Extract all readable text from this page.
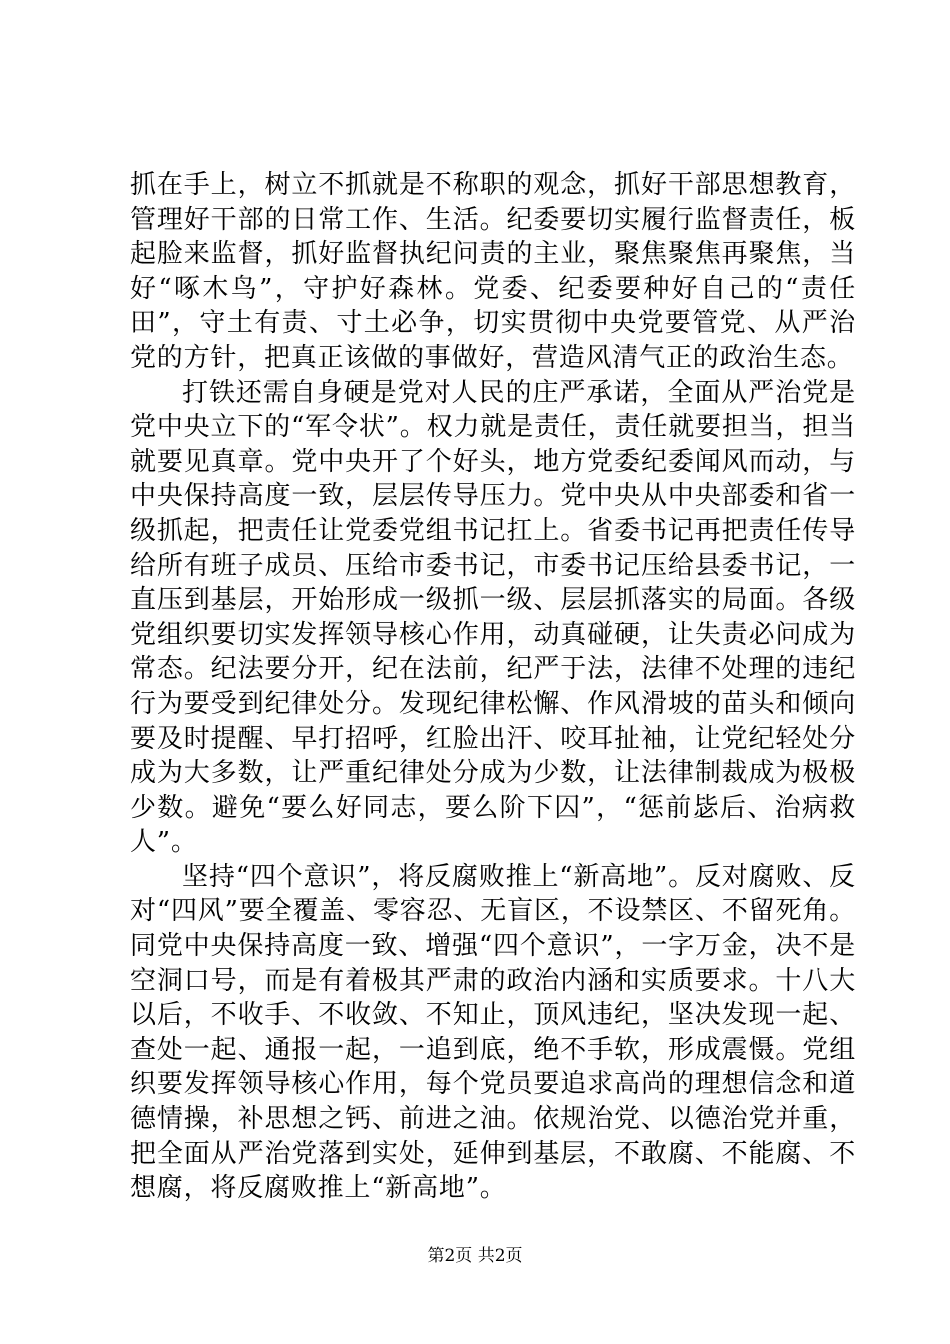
抓在手上，树立不抓就是不称职的观念，抓好干部思想教育，管理好干部的日常工作、生活。纪委要切实履行监督责任，板起脸来监督，抓好监督执纪问责的主业，聚焦聚焦再聚焦，当好“啄木鸟”，守护好森林。党委、纪委要种好自己的“责任田”，守土有责、寸土必争，切实贯彻中央党要管党、从严治党的方针，把真正该做的事做好，营造风清气正的政治生态。

打铁还需自身硬是党对人民的庄严承诺，全面从严治党是党中央立下的“军令状”。权力就是责任，责任就要担当，担当就要见真章。党中央开了个好头，地方党委纪委闻风而动，与中央保持高度一致，层层传导压力。党中央从中央部委和省一级抓起，把责任让党委党组书记扛上。省委书记再把责任传导给所有班子成员、压给市委书记，市委书记压给县委书记，一直压到基层，开始形成一级抓一级、层层抓落实的局面。各级党组织要切实发挥领导核心作用，动真碰硬，让失责必问成为常态。纪法要分开，纪在法前，纪严于法，法律不处理的违纪行为要受到纪律处分。发现纪律松懈、作风滑坡的苗头和倾向要及时提醒、早打招呼，红脸出汗、咬耳扯袖，让党纪轻处分成为大多数，让严重纪律处分成为少数，让法律制裁成为极极少数。避免“要么好同志，要么阶下囚”，“惩前毖后、治病救人”。

坚持“四个意识”，将反腐败推上“新高地”。反对腐败、反对“四风”要全覆盖、零容忍、无盲区，不设禁区、不留死角。同党中央保持高度一致、增强“四个意识”，一字万金，决不是空洞口号，而是有着极其严肃的政治内涵和实质要求。十八大以后，不收手、不收敛、不知止，顶风违纪，坚决发现一起、查处一起、通报一起，一追到底，绝不手软，形成震慑。党组织要发挥领导核心作用，每个党员要追求高尚的理想信念和道德情操，补思想之钙、前进之油。依规治党、以德治党并重，把全面从严治党落到实处，延伸到基层，不敢腐、不能腐、不想腐，将反腐败推上“新高地”。

第2页 共2页
